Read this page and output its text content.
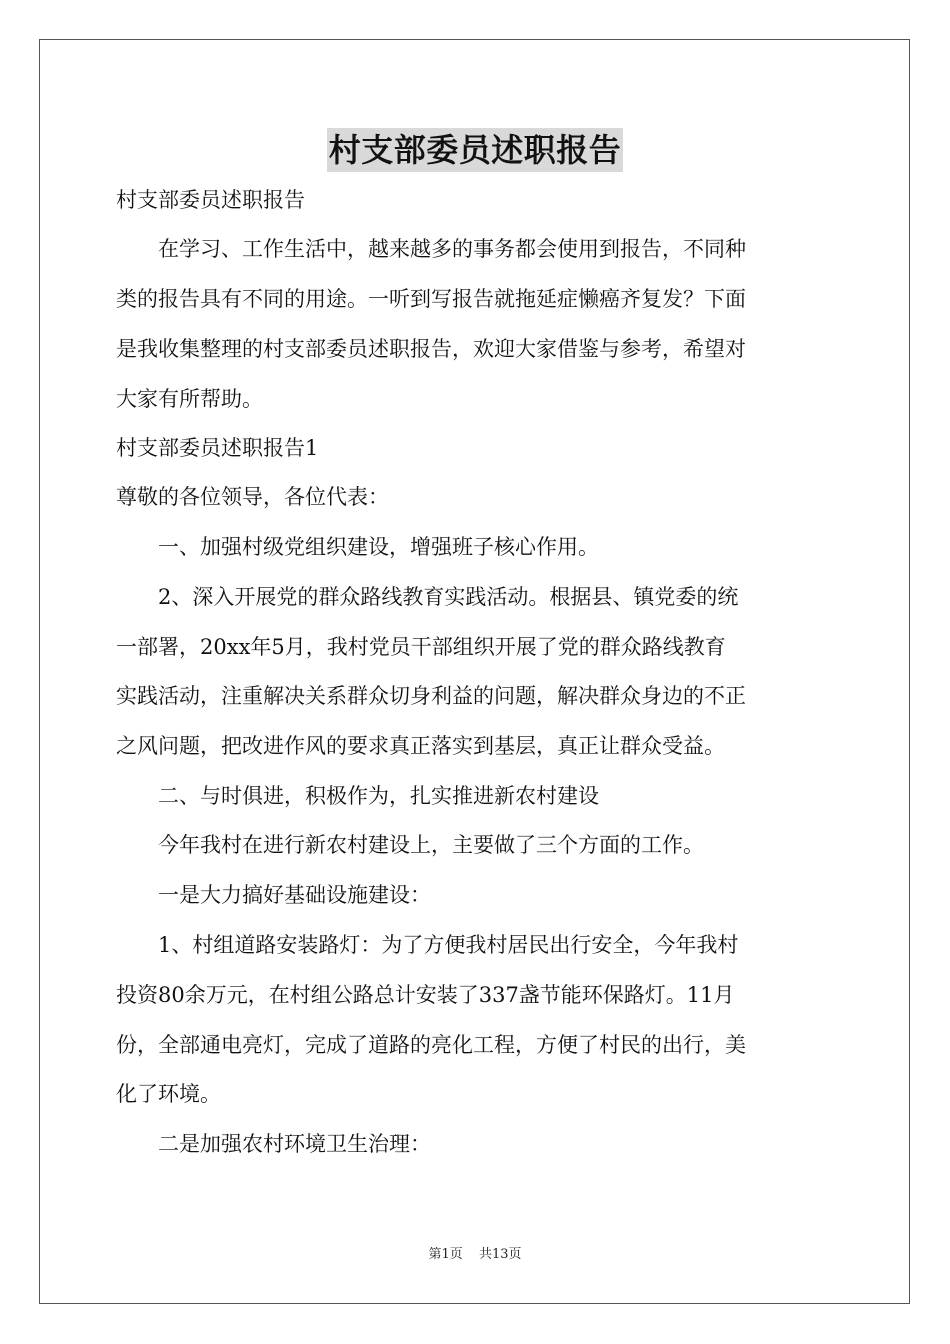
村支部委员述职报告
村支部委员述职报告
　　在学习、工作生活中，越来越多的事务都会使用到报告，不同种
类的报告具有不同的用途。一听到写报告就拖延症懒癌齐复发？下面
是我收集整理的村支部委员述职报告，欢迎大家借鉴与参考，希望对
大家有所帮助。
村支部委员述职报告1
尊敬的各位领导，各位代表：
　　一、加强村级党组织建设，增强班子核心作用。
　　2、深入开展党的群众路线教育实践活动。根据县、镇党委的统
一部署，20xx年5月，我村党员干部组织开展了党的群众路线教育
实践活动，注重解决关系群众切身利益的问题，解决群众身边的不正
之风问题，把改进作风的要求真正落实到基层，真正让群众受益。
　　二、与时俱进，积极作为，扎实推进新农村建设
　　今年我村在进行新农村建设上，主要做了三个方面的工作。
　　一是大力搞好基础设施建设：
　　1、村组道路安装路灯：为了方便我村居民出行安全，今年我村
投资80余万元，在村组公路总计安装了337盏节能环保路灯。11月
份，全部通电亮灯，完成了道路的亮化工程，方便了村民的出行，美
化了环境。
　　二是加强农村环境卫生治理：
第1页 共13页
